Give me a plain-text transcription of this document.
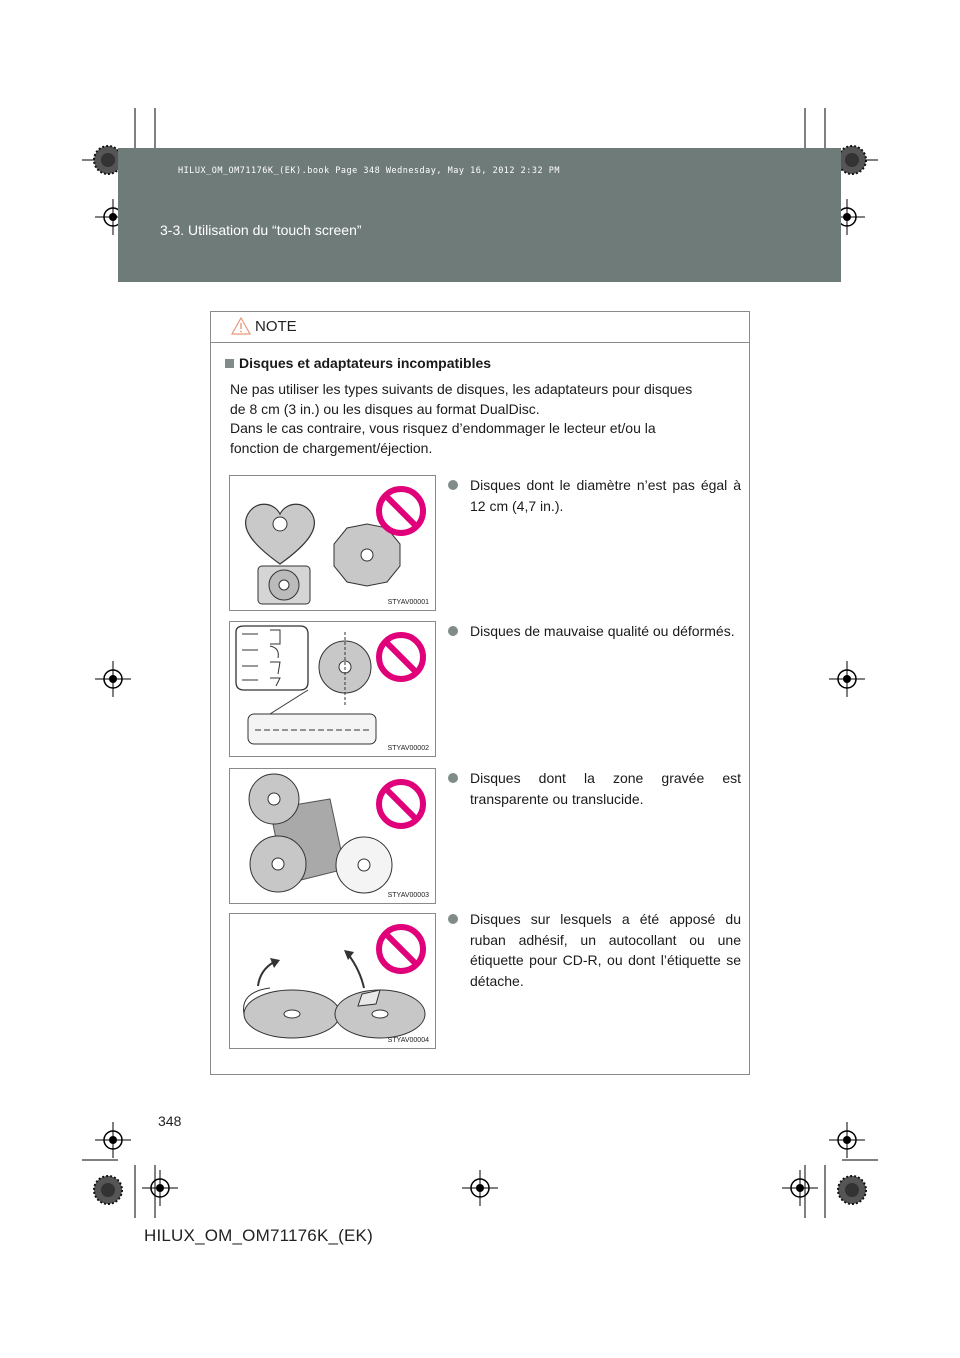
HILUX_OM_OM71176K_(EK).book Page 348 Wednesday, May 16, 2012 2:32 PM
3-3. Utilisation du “touch screen”
NOTE
Disques et adaptateurs incompatibles

Ne pas utiliser les types suivants de disques, les adaptateurs pour disques
de 8 cm (3 in.) ou les disques au format DualDisc.
Dans le cas contraire, vous risquez d’endommager le lecteur et/ou la
fonction de chargement/éjection.

STYAV00001
Disques dont le diamètre n’est pas égal à 12 cm (4,7 in.).
STYAV00002
Disques de mauvaise qualité ou déformés.
STYAV00003
Disques dont la zone gravée est transparente ou translucide.
STYAV00004
Disques sur lesquels a été apposé du ruban adhésif, un autocollant ou une étiquette pour CD-R, ou dont l’étiquette se détache.
348
HILUX_OM_OM71176K_(EK)
